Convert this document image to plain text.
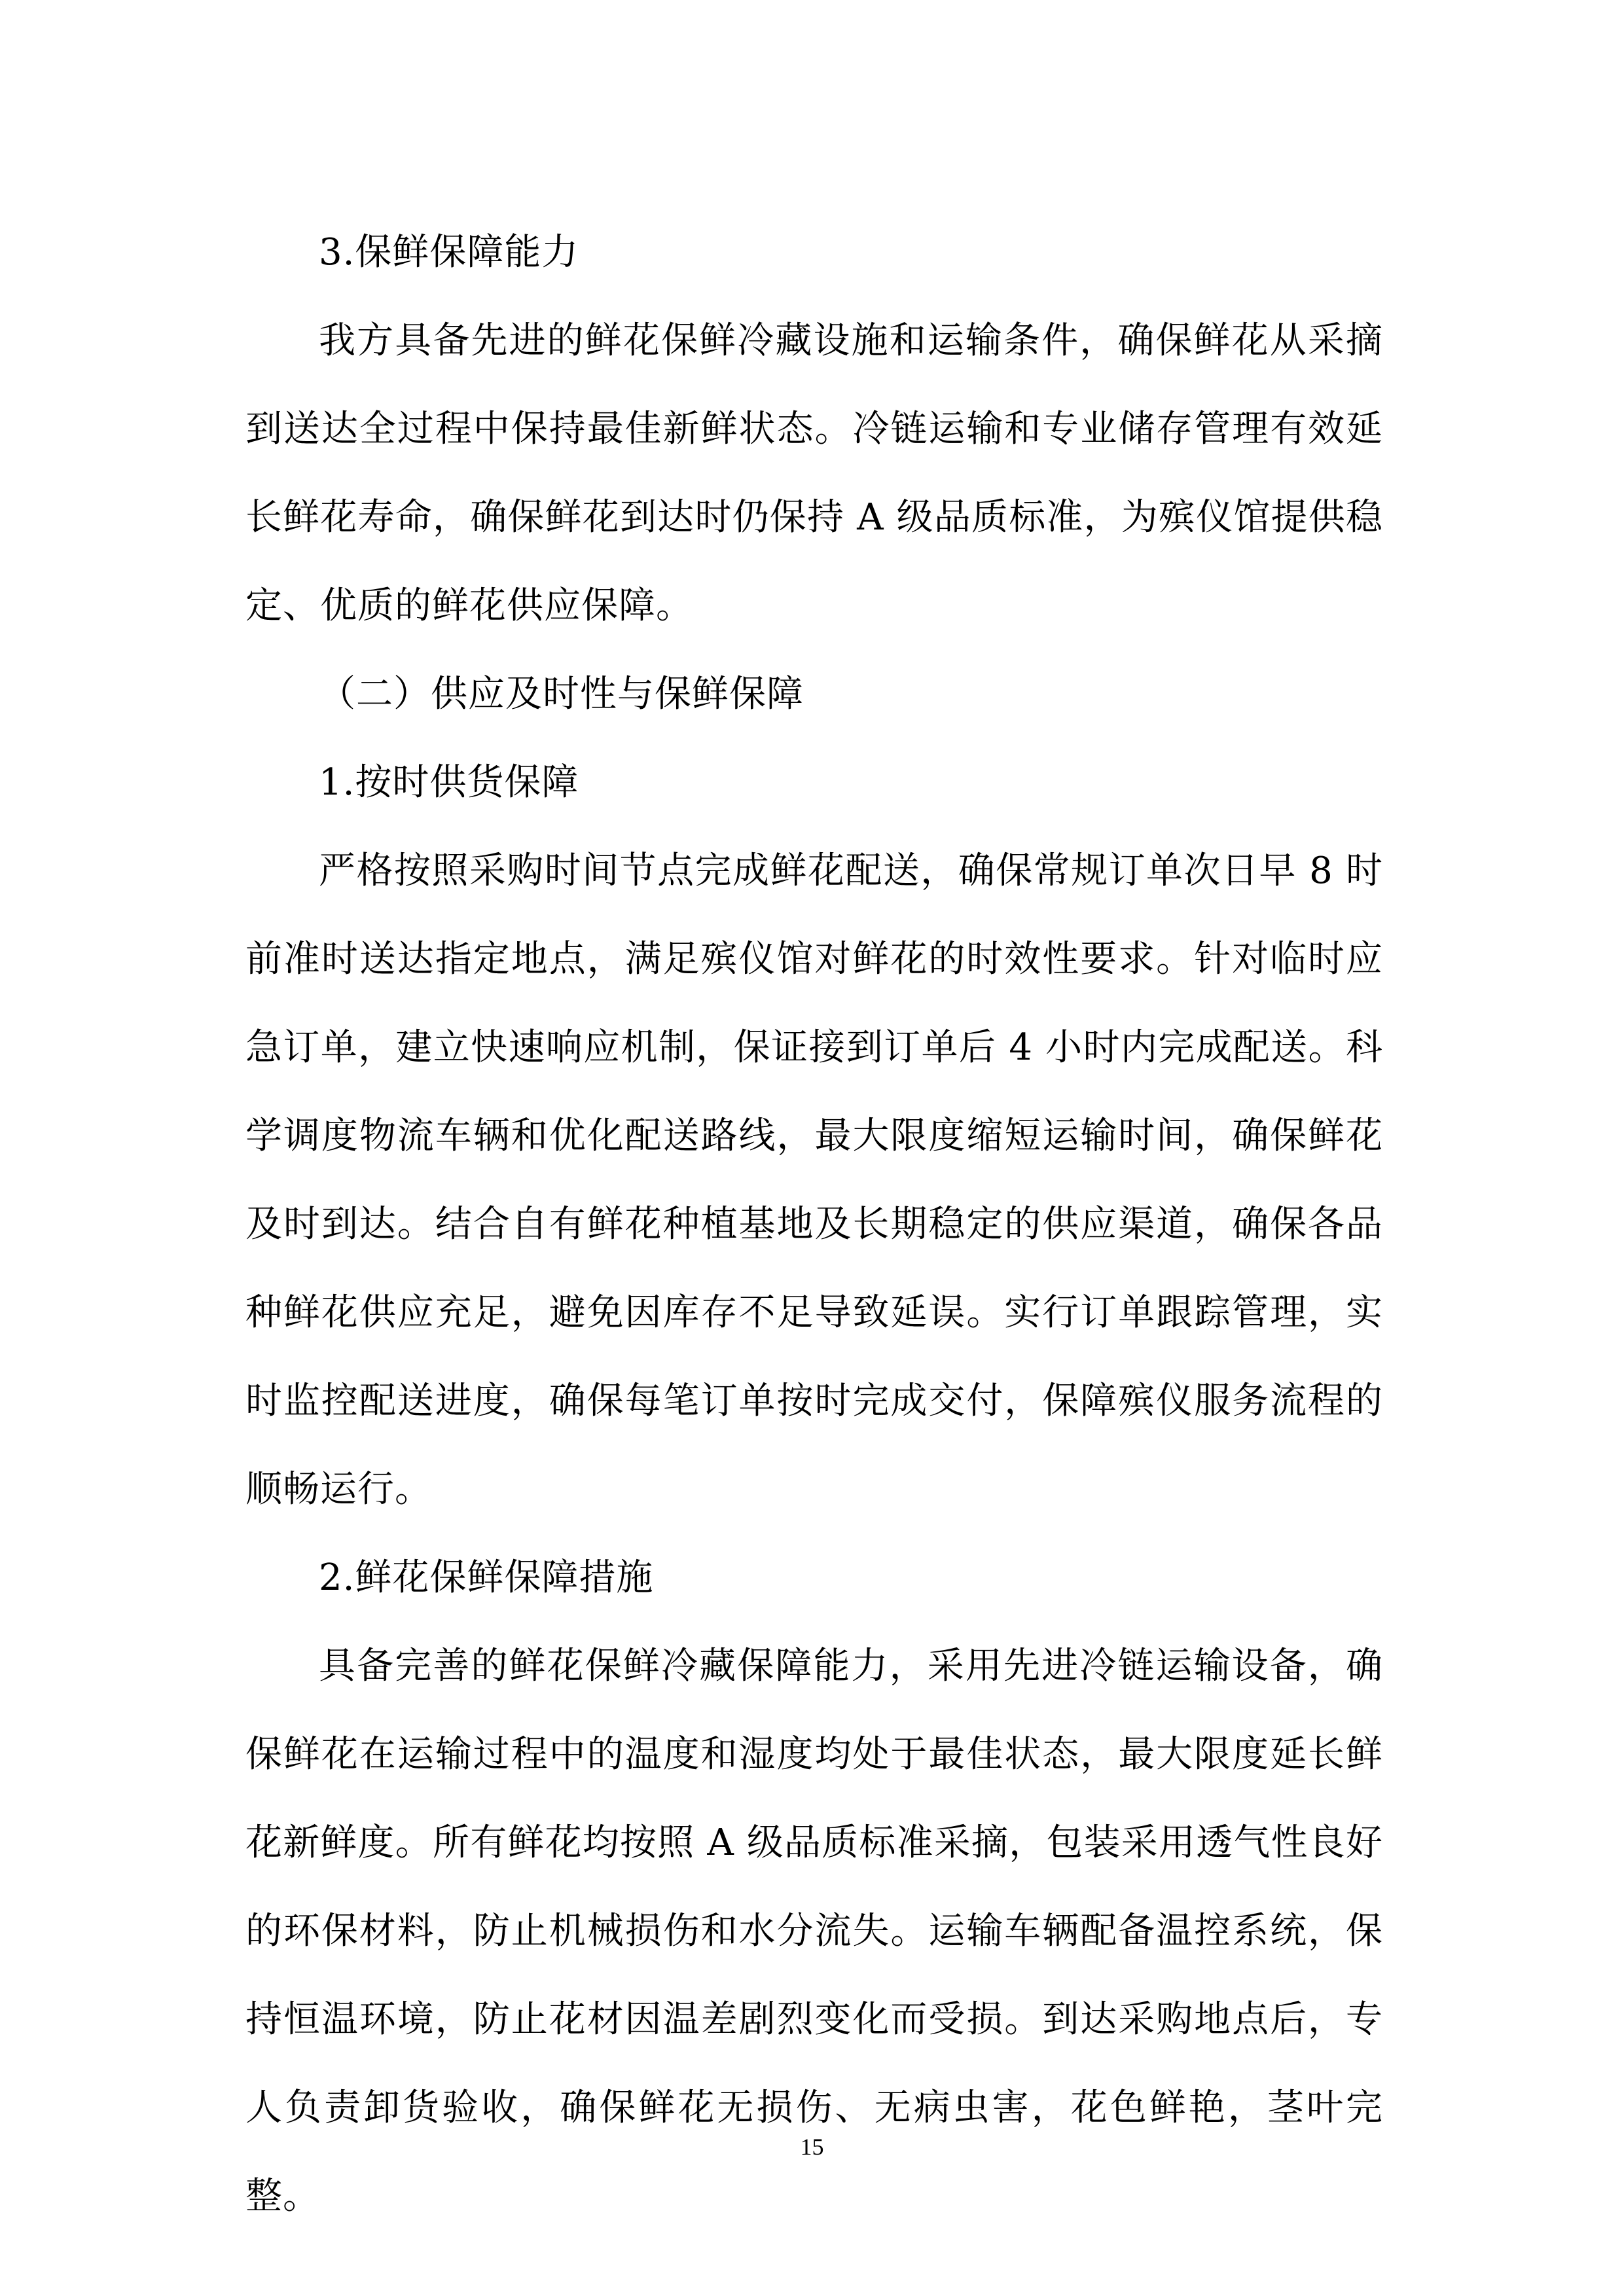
3.保鲜保障能力

我方具备先进的鲜花保鲜冷藏设施和运输条件，确保鲜花从采摘到送达全过程中保持最佳新鲜状态。冷链运输和专业储存管理有效延长鲜花寿命，确保鲜花到达时仍保持 A 级品质标准，为殡仪馆提供稳定、优质的鲜花供应保障。

（二）供应及时性与保鲜保障

1.按时供货保障

严格按照采购时间节点完成鲜花配送，确保常规订单次日早 8 时前准时送达指定地点，满足殡仪馆对鲜花的时效性要求。针对临时应急订单，建立快速响应机制，保证接到订单后 4 小时内完成配送。科学调度物流车辆和优化配送路线，最大限度缩短运输时间，确保鲜花及时到达。结合自有鲜花种植基地及长期稳定的供应渠道，确保各品种鲜花供应充足，避免因库存不足导致延误。实行订单跟踪管理，实时监控配送进度，确保每笔订单按时完成交付，保障殡仪服务流程的顺畅运行。

2.鲜花保鲜保障措施

具备完善的鲜花保鲜冷藏保障能力，采用先进冷链运输设备，确保鲜花在运输过程中的温度和湿度均处于最佳状态，最大限度延长鲜花新鲜度。所有鲜花均按照 A 级品质标准采摘，包装采用透气性良好的环保材料，防止机械损伤和水分流失。运输车辆配备温控系统，保持恒温环境，防止花材因温差剧烈变化而受损。到达采购地点后，专人负责卸货验收，确保鲜花无损伤、无病虫害，花色鲜艳，茎叶完整。

15
